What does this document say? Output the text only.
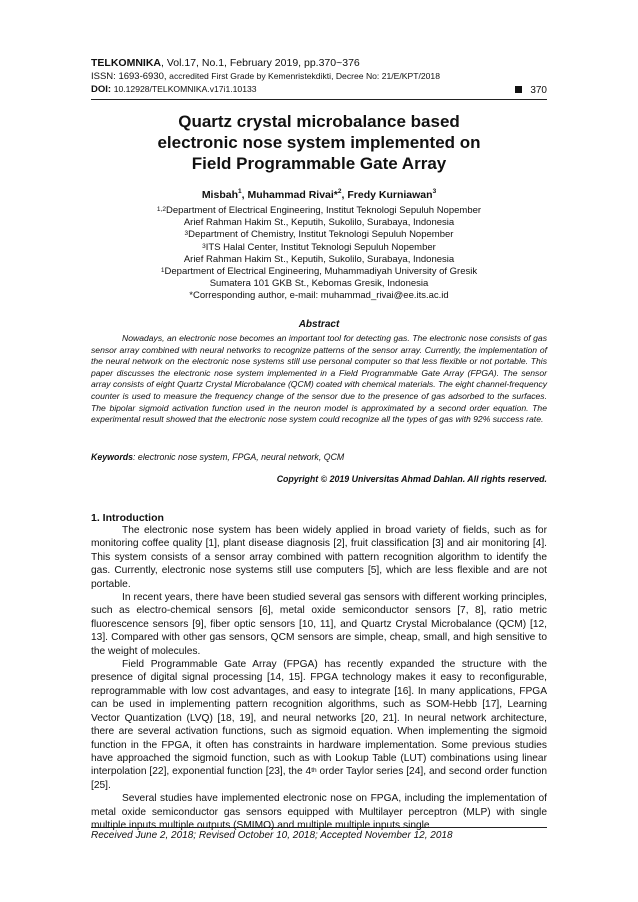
TELKOMNIKA, Vol.17, No.1, February 2019, pp.370~376
ISSN: 1693-6930, accredited First Grade by Kemenristekdikti, Decree No: 21/E/KPT/2018
DOI: 10.12928/TELKOMNIKA.v17i1.10133	370
Quartz crystal microbalance based
electronic nose system implemented on
Field Programmable Gate Array
Misbah$^1$, Muhammad Rivai*$^2$, Fredy Kurniawan$^3$
$^{1,2}$Department of Electrical Engineering, Institut Teknologi Sepuluh Nopember
Arief Rahman Hakim St., Keputih, Sukolilo, Surabaya, Indonesia
$^3$Department of Chemistry, Institut Teknologi Sepuluh Nopember
$^3$ITS Halal Center, Institut Teknologi Sepuluh Nopember
Arief Rahman Hakim St., Keputih, Sukolilo, Surabaya, Indonesia
$^1$Department of Electrical Engineering, Muhammadiyah University of Gresik
Sumatera 101 GKB St., Kebomas Gresik, Indonesia
*Corresponding author, e-mail: muhammad_rivai@ee.its.ac.id
Abstract

Nowadays, an electronic nose becomes an important tool for detecting gas. The electronic nose consists of gas sensor array combined with neural networks to recognize patterns of the sensor array. Currently, the implementation of the neural network on the electronic nose systems still use personal computer so that less flexible or not portable. This paper discusses the electronic nose system implemented in a Field Programmable Gate Array (FPGA). The sensor array consists of eight Quartz Crystal Microbalance (QCM) coated with chemical materials. The eight channel-frequency counter is used to measure the frequency change of the sensor due to the presence of gas adsorbed to the surfaces. The bipolar sigmoid activation function used in the neuron model is approximated by a second order equation. The experimental result showed that the electronic nose system could recognize all the types of gas with 92% success rate.

Keywords: electronic nose system, FPGA, neural network, QCM
Copyright © 2019 Universitas Ahmad Dahlan. All rights reserved.
1. Introduction

The electronic nose system has been widely applied in broad variety of fields, such as for monitoring coffee quality [1], plant disease diagnosis [2], fruit classification [3] and air monitoring [4]. This system consists of a sensor array combined with pattern recognition algorithm to identify the gas. Currently, electronic nose systems still use computers [5], which are less flexible and are not portable.

In recent years, there have been studied several gas sensors with different working principles, such as electro-chemical sensors [6], metal oxide semiconductor sensors [7, 8], ratio metric fluorescence sensors [9], fiber optic sensors [10, 11], and Quartz Crystal Microbalance (QCM) [12, 13]. Compared with other gas sensors, QCM sensors are simple, cheap, small, and high sensitive to the weight of molecules.

Field Programmable Gate Array (FPGA) has recently expanded the structure with the presence of digital signal processing [14, 15]. FPGA technology makes it easy to reconfigurable, reprogrammable with low cost advantages, and easy to integrate [16]. In many applications, FPGA can be used in implementing pattern recognition algorithms, such as SOM-Hebb [17], Learning Vector Quantization (LVQ) [18, 19], and neural networks [20, 21]. In neural network architecture, there are several activation functions, such as sigmoid equation. When implementing the sigmoid function in the FPGA, it often has constraints in hardware implementation. Some previous studies have approached the sigmoid function, such as with Lookup Table (LUT) combinations using linear interpolation [22], exponential function [23], the 4th order Taylor series [24], and second order function [25].

Several studies have implemented electronic nose on FPGA, including the implementation of metal oxide semiconductor gas sensors equipped with Multilayer perceptron (MLP) with single multiple inputs multiple outputs (SMIMO) and multiple multiple inputs single

Received June 2, 2018; Revised October 10, 2018; Accepted November 12, 2018
